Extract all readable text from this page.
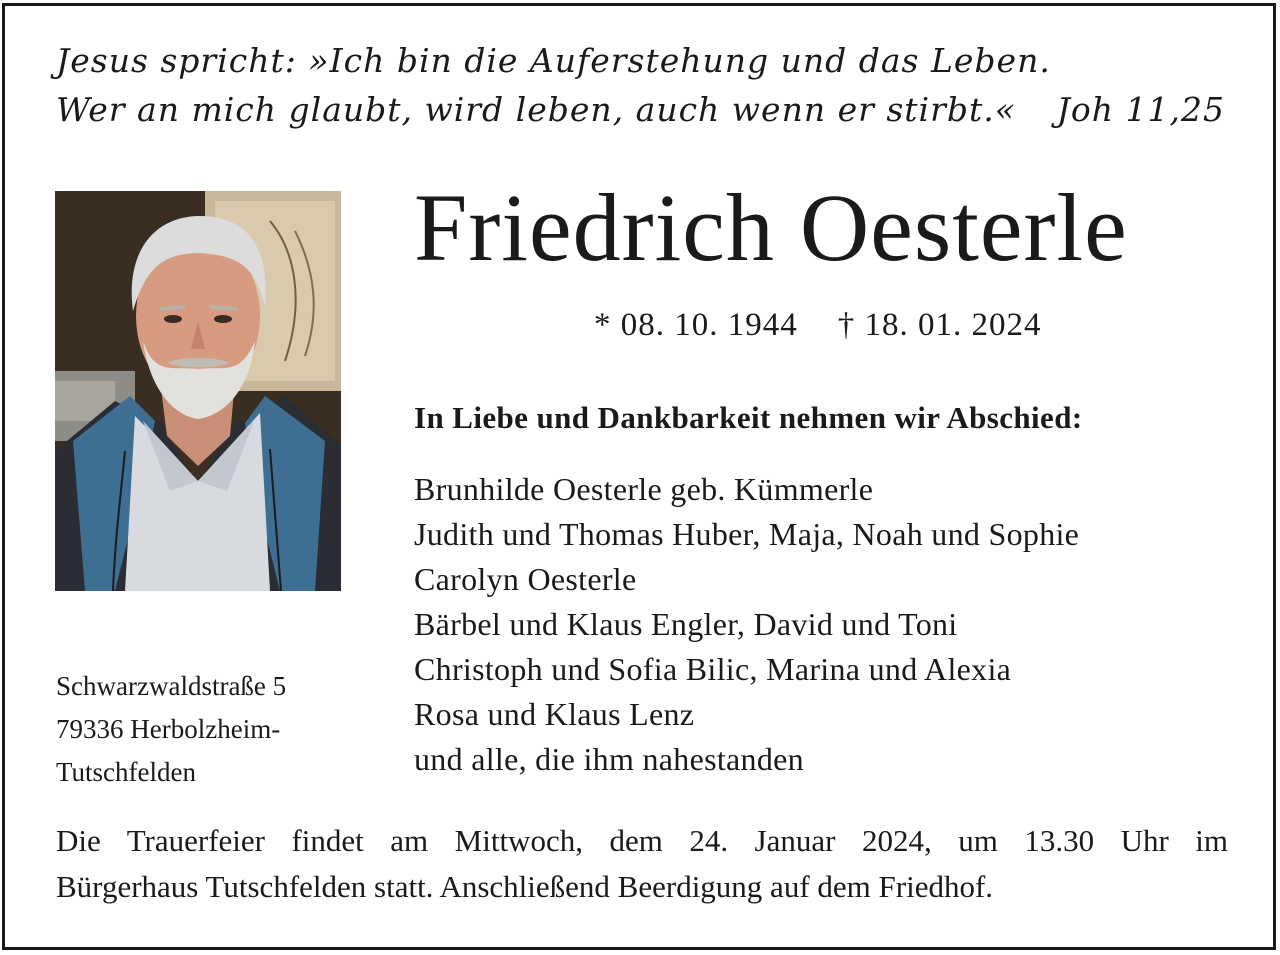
Jesus spricht: »Ich bin die Auferstehung und das Leben.
Wer an mich glaubt, wird leben, auch wenn er stirbt.« Joh 11,25
Friedrich Oesterle
* 08. 10. 1944 † 18. 01. 2024
In Liebe und Dankbarkeit nehmen wir Abschied:
Brunhilde Oesterle geb. Kümmerle
Judith und Thomas Huber, Maja, Noah und Sophie
Carolyn Oesterle
Bärbel und Klaus Engler, David und Toni
Christoph und Sofia Bilic, Marina und Alexia
Rosa und Klaus Lenz
und alle, die ihm nahestanden
Schwarzwaldstraße 5
79336 Herbolzheim-
Tutschfelden
Die Trauerfeier findet am Mittwoch, dem 24. Januar 2024, um 13.30 Uhr im
Bürgerhaus Tutschfelden statt. Anschließend Beerdigung auf dem Friedhof.
